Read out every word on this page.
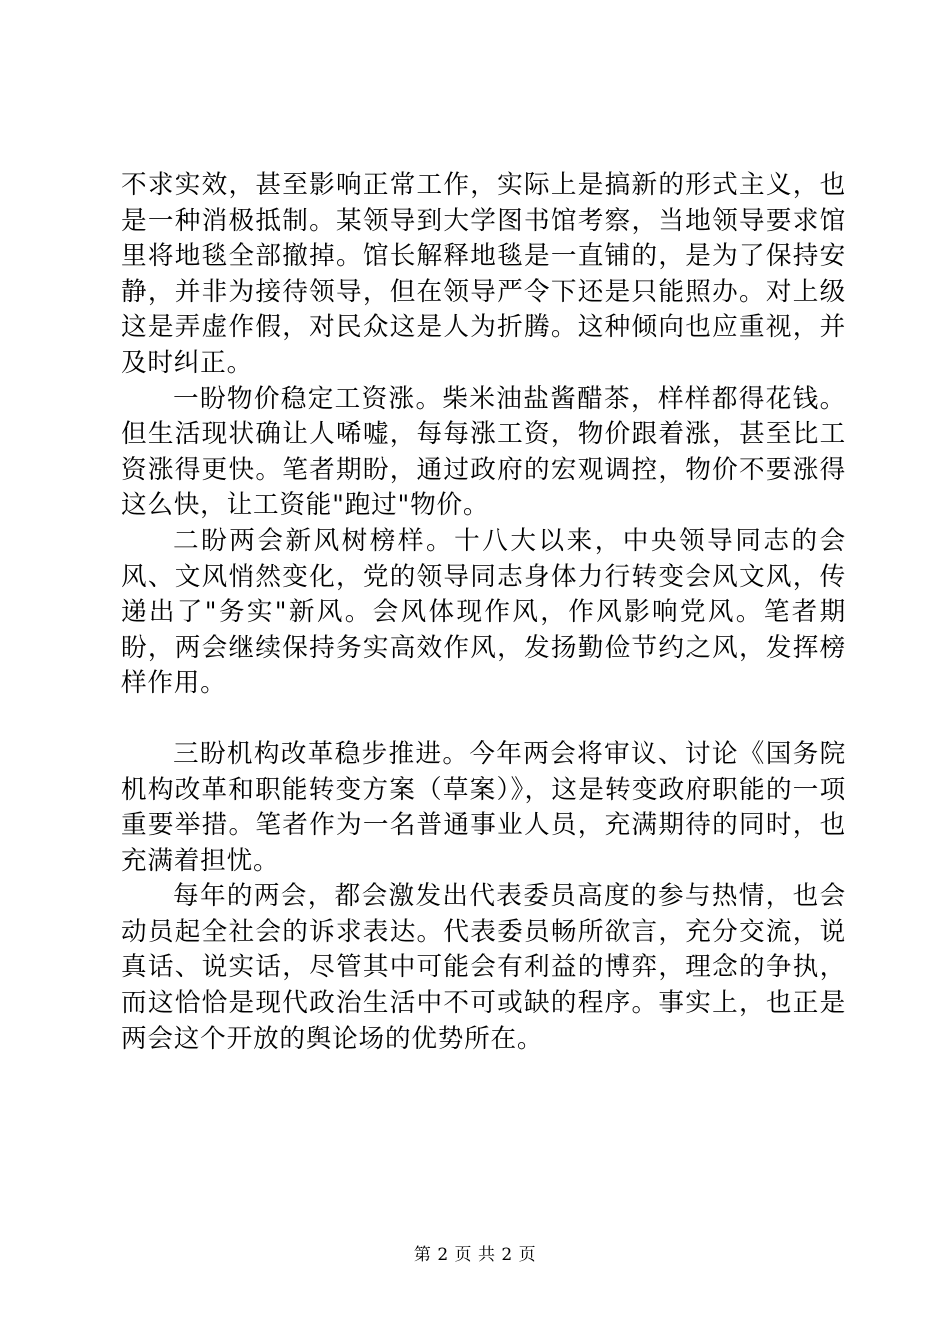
不求实效，甚至影响正常工作，实际上是搞新的形式主义，也是一种消极抵制。某领导到大学图书馆考察，当地领导要求馆里将地毯全部撤掉。馆长解释地毯是一直铺的，是为了保持安静，并非为接待领导，但在领导严令下还是只能照办。对上级这是弄虚作假，对民众这是人为折腾。这种倾向也应重视，并及时纠正。

一盼物价稳定工资涨。柴米油盐酱醋茶，样样都得花钱。但生活现状确让人唏嘘，每每涨工资，物价跟着涨，甚至比工资涨得更快。笔者期盼，通过政府的宏观调控，物价不要涨得这么快，让工资能"跑过"物价。

二盼两会新风树榜样。十八大以来，中央领导同志的会风、文风悄然变化，党的领导同志身体力行转变会风文风，传递出了"务实"新风。会风体现作风，作风影响党风。笔者期盼，两会继续保持务实高效作风，发扬勤俭节约之风，发挥榜样作用。

三盼机构改革稳步推进。今年两会将审议、讨论《国务院机构改革和职能转变方案（草案）》，这是转变政府职能的一项重要举措。笔者作为一名普通事业人员，充满期待的同时，也充满着担忧。

每年的两会，都会激发出代表委员高度的参与热情，也会动员起全社会的诉求表达。代表委员畅所欲言，充分交流，说真话、说实话，尽管其中可能会有利益的博弈，理念的争执，而这恰恰是现代政治生活中不可或缺的程序。事实上，也正是两会这个开放的舆论场的优势所在。

第 2 页 共 2 页
